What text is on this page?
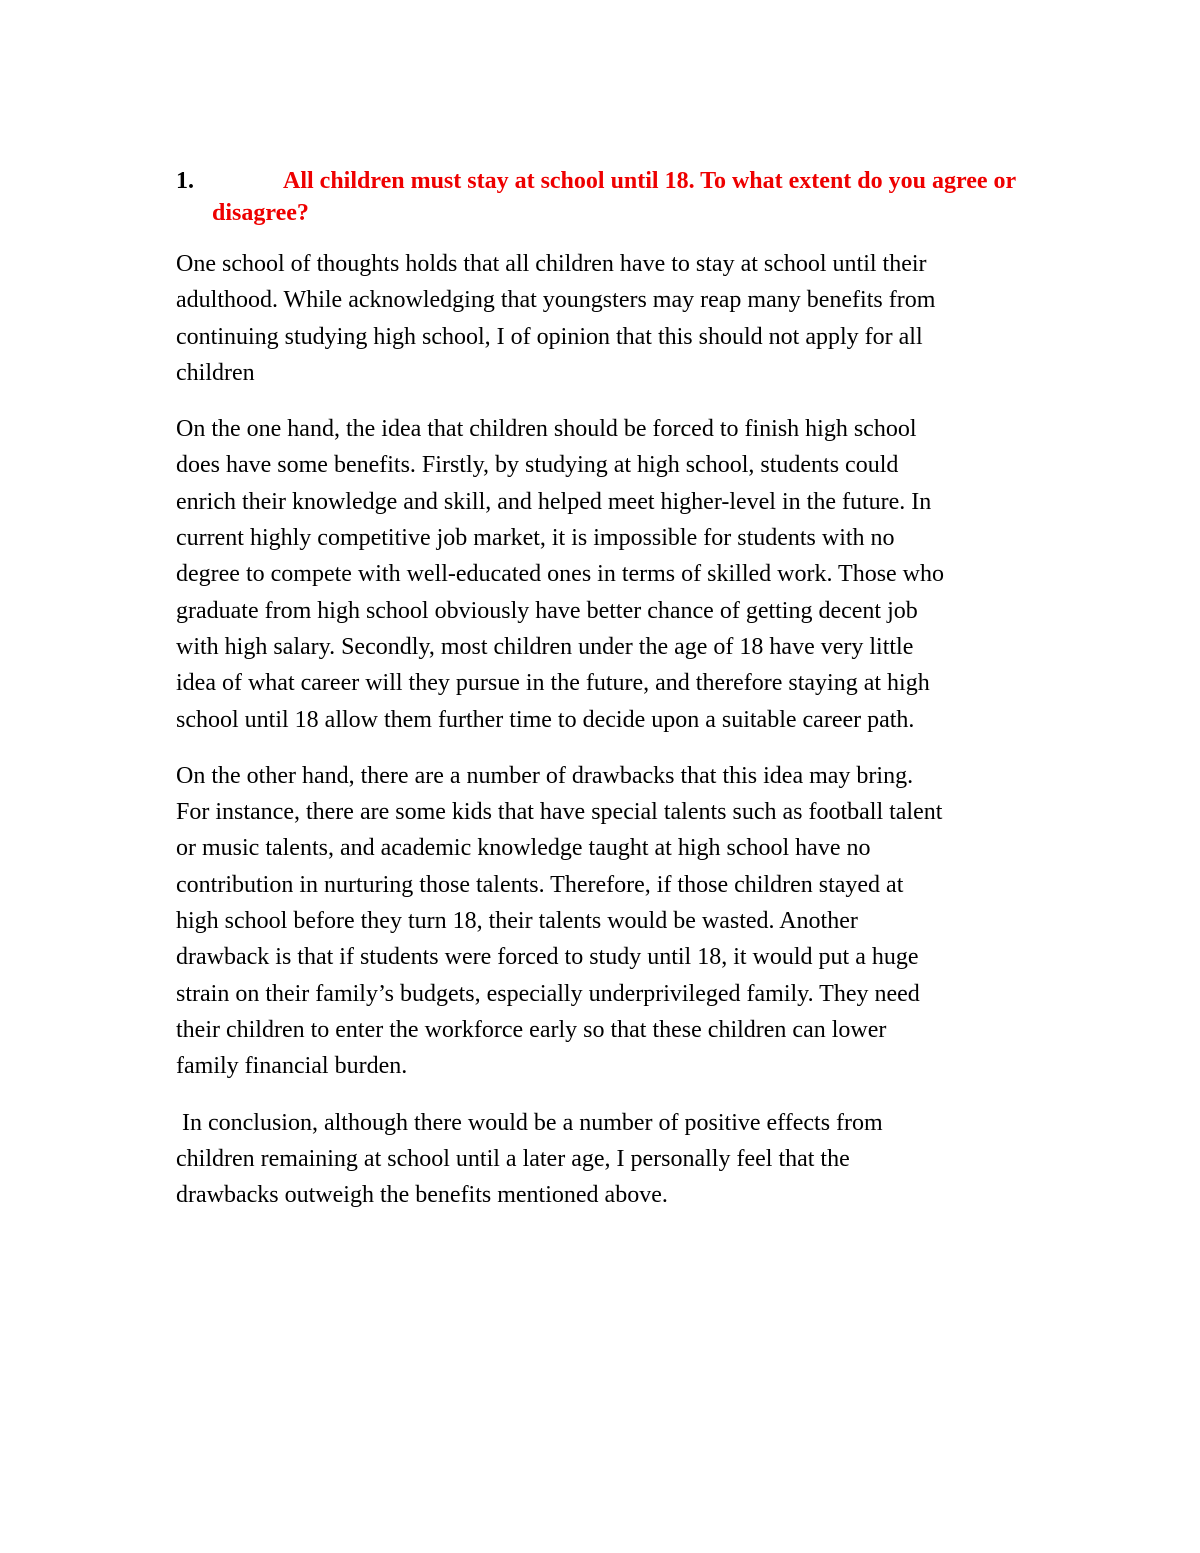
1.	All children must stay at school until 18. To what extent do you agree or disagree?

One school of thoughts holds that all children have to stay at school until their
adulthood. While acknowledging that youngsters may reap many benefits from
continuing studying high school, I of opinion that this should not apply for all
children

On the one hand, the idea that children should be forced to finish high school
does have some benefits. Firstly, by studying at high school, students could
enrich their knowledge and skill, and helped meet higher-level in the future. In
current highly competitive job market, it is impossible for students with no
degree to compete with well-educated ones in terms of skilled work. Those who
graduate from high school obviously have better chance of getting decent job
with high salary. Secondly, most children under the age of 18 have very little
idea of what career will they pursue in the future, and therefore staying at high
school until 18 allow them further time to decide upon a suitable career path.

On the other hand, there are a number of drawbacks that this idea may bring.
For instance, there are some kids that have special talents such as football talent
or music talents, and academic knowledge taught at high school have no
contribution in nurturing those talents. Therefore, if those children stayed at
high school before they turn 18, their talents would be wasted. Another
drawback is that if students were forced to study until 18, it would put a huge
strain on their family’s budgets, especially underprivileged family. They need
their children to enter the workforce early so that these children can lower
family financial burden.

In conclusion, although there would be a number of positive effects from
children remaining at school until a later age, I personally feel that the
drawbacks outweigh the benefits mentioned above.
